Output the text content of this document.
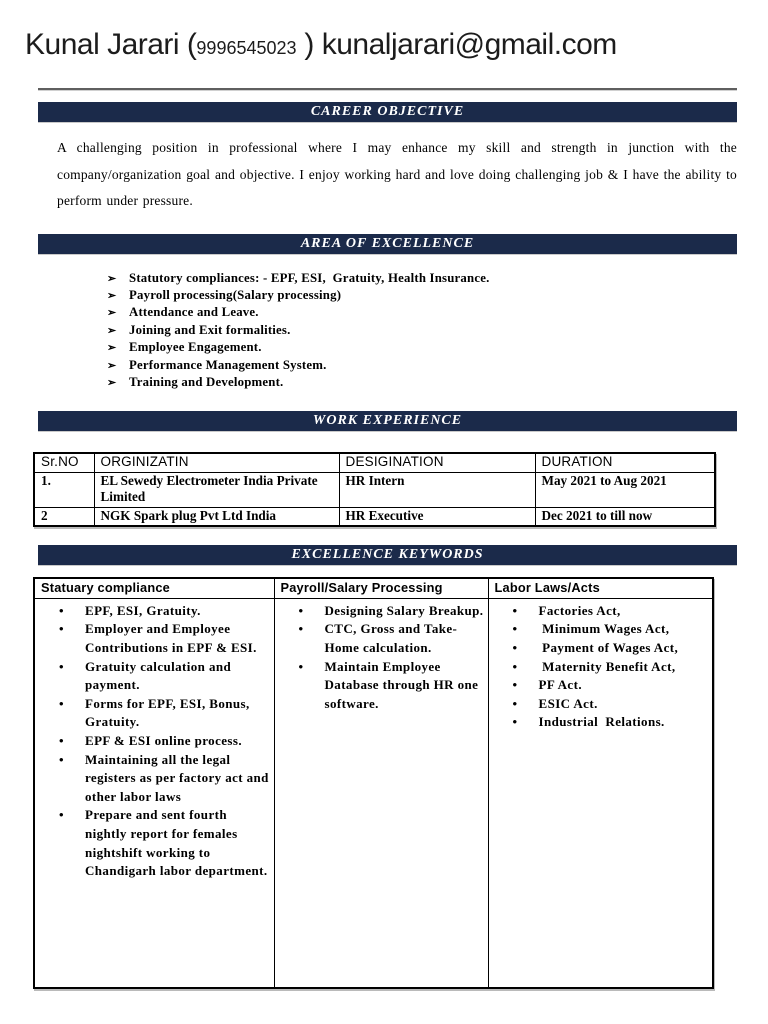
Kunal Jarari (9996545023 ) kunaljarari@gmail.com
CAREER OBJECTIVE

A challenging position in professional where I may enhance my skill and strength in junction with the company/organization goal and objective. I enjoy working hard and love doing challenging job & I have the ability to perform under pressure.

AREA OF EXCELLENCE
➢ Statutory compliances: - EPF, ESI,  Gratuity, Health Insurance.
➢ Payroll processing(Salary processing)
➢ Attendance and Leave.
➢ Joining and Exit formalities.
➢ Employee Engagement.
➢ Performance Management System.
➢ Training and Development.
WORK EXPERIENCE
Sr.NO	ORGINIZATIN	DESIGINATION	DURATION
1.	EL Sewedy Electrometer India Private Limited	HR Intern	May 2021 to Aug 2021
2	NGK Spark plug Pvt Ltd India	HR Executive	Dec 2021 to till now
EXCELLENCE KEYWORDS
Statuary compliance	Payroll/Salary Processing	Labor Laws/Acts

•	EPF, ESI, Gratuity.
•	Employer and Employee Contributions in EPF & ESI.
•	Gratuity calculation and payment.
•	Forms for EPF, ESI, Bonus, Gratuity.
•	EPF & ESI online process.
•	Maintaining all the legal registers as per factory act and other labor laws
•	Prepare and sent fourth nightly report for females nightshift working to Chandigarh labor department.

•	Designing Salary Breakup.
•	CTC, Gross and Take-Home calculation.
•	Maintain Employee Database through HR one software.

•	Factories Act,
•	Minimum Wages Act,
•	Payment of Wages Act,
•	Maternity Benefit Act,
•	PF Act.
•	ESIC Act.
•	Industrial  Relations.
